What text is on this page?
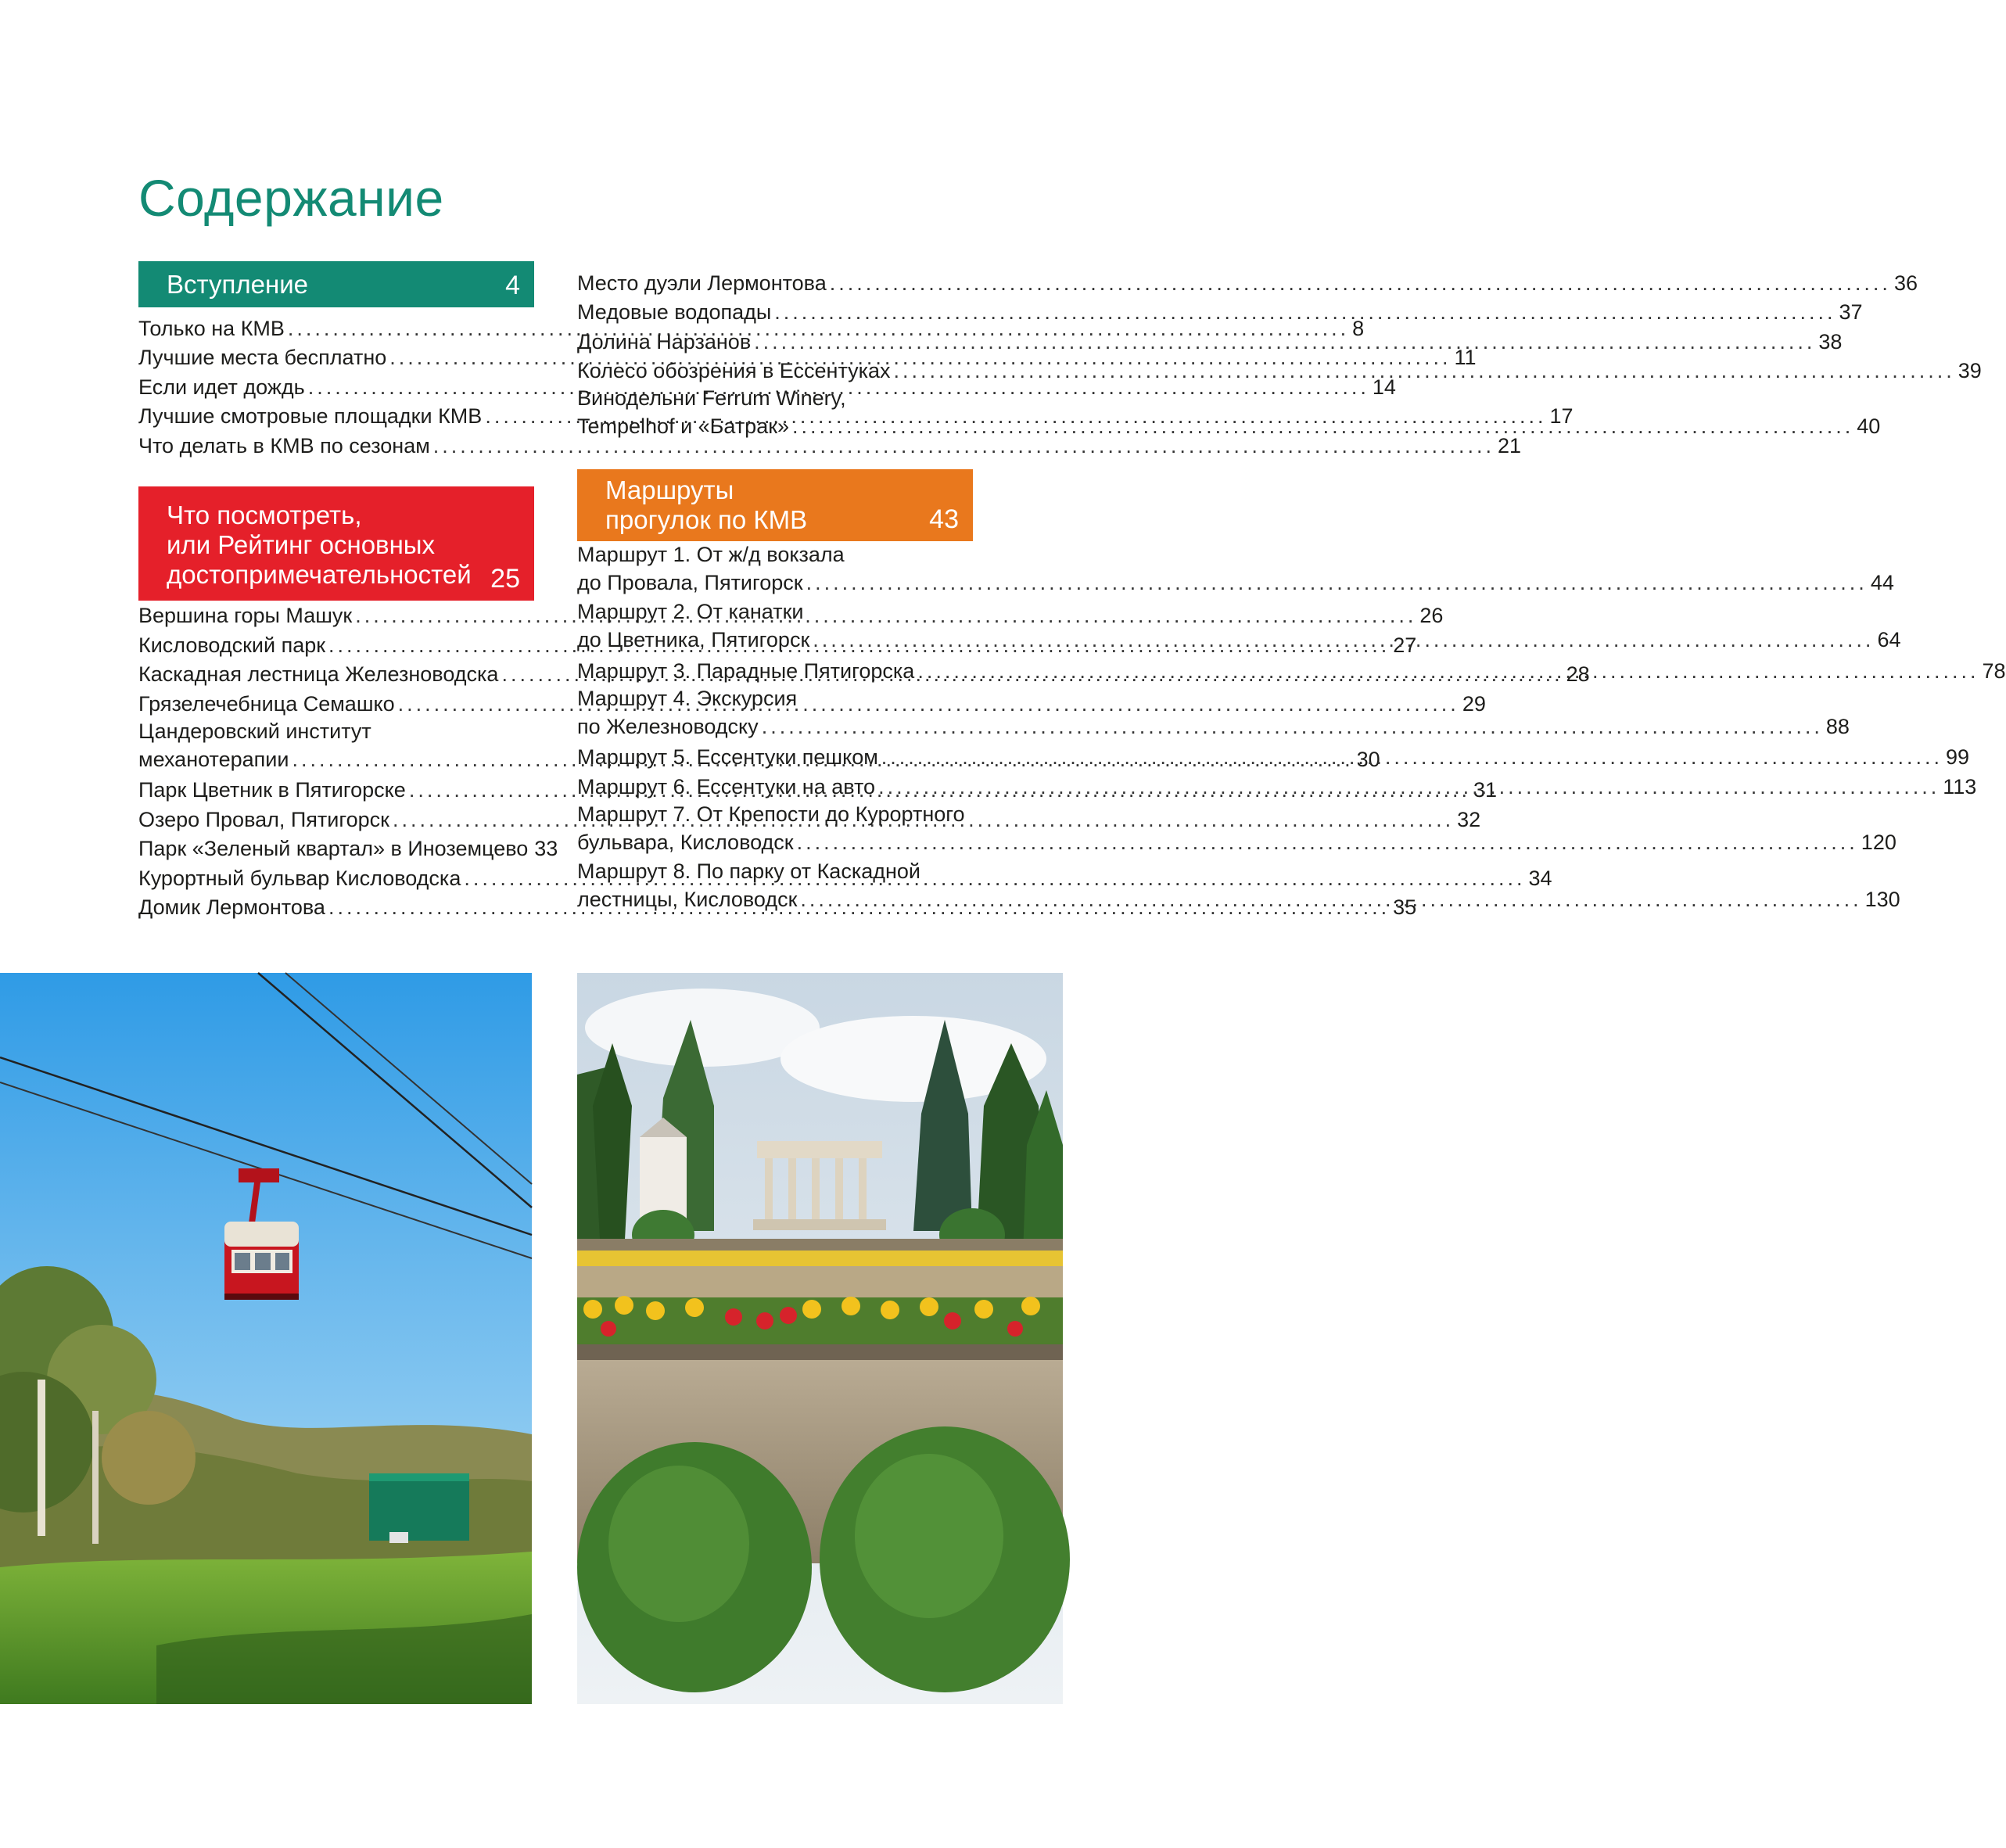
Содержание
Вступление	4
Только на КМВ .....	8
Лучшие места бесплатно .....	11
Если идет дождь .....	14
Лучшие смотровые площадки КМВ .....	17
Что делать в КМВ по сезонам .....	21
Что посмотреть,
или Рейтинг основных
достопримечательностей 25
Вершина горы Машук .....	26
Кисловодский парк .....	27
Каскадная лестница Железноводска .....	28
Грязелечебница Семашко .....	29
Цандеровский институт
механотерапии .....	30
Парк Цветник в Пятигорске .....	31
Озеро Провал, Пятигорск .....	32
Парк «Зеленый квартал» в Иноземцево 33
Курортный бульвар Кисловодска .....	34
Домик Лермонтова .....	35
Место дуэли Лермонтова .....	36
Медовые водопады .....	37
Долина Нарзанов .....	38
Колесо обозрения в Ессентуках .....	39
Винодельни Ferrum Winery,
Tempelhof и «Батрак» .....	40
Маршруты
прогулок по КМВ	43
Маршрут 1. От ж/д вокзала
до Провала, Пятигорск .....	44
Маршрут 2. От канатки
до Цветника, Пятигорск .....	64
Маршрут 3. Парадные Пятигорска .....	78
Маршрут 4. Экскурсия
по Железноводску .....	88
Маршрут 5. Ессентуки пешком .....	99
Маршрут 6. Ессентуки на авто .....	113
Маршрут 7. От Крепости до Курортного
бульвара, Кисловодск .....	120
Маршрут 8. По парку от Каскадной
лестницы, Кисловодск .....	130
